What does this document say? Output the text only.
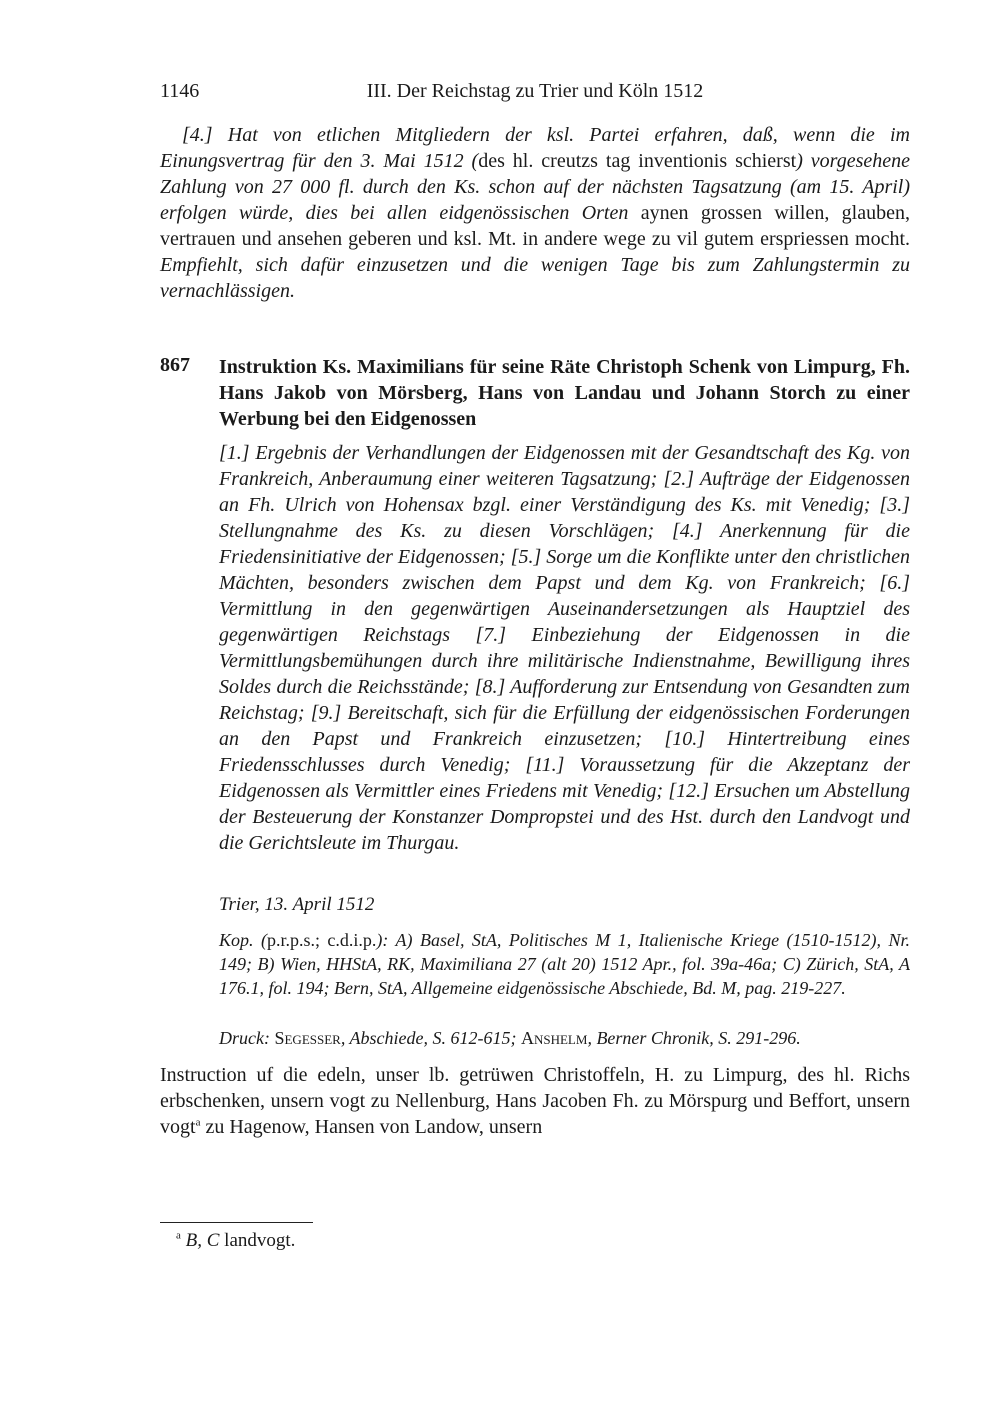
1146	III. Der Reichstag zu Trier und Köln 1512
[4.] Hat von etlichen Mitgliedern der ksl. Partei erfahren, daß, wenn die im Einungsvertrag für den 3. Mai 1512 (des hl. creutzs tag inventionis schierst) vorgesehene Zahlung von 27 000 fl. durch den Ks. schon auf der nächsten Tagsatzung (am 15. April) erfolgen würde, dies bei allen eidgenössischen Orten aynen grossen willen, glauben, vertrauen und ansehen geberen und ksl. Mt. in andere wege zu vil gutem erspriessen mocht. Empfiehlt, sich dafür einzusetzen und die wenigen Tage bis zum Zahlungstermin zu vernachlässigen.
867 Instruktion Ks. Maximilians für seine Räte Christoph Schenk von Limpurg, Fh. Hans Jakob von Mörsberg, Hans von Landau und Johann Storch zu einer Werbung bei den Eidgenossen
[1.] Ergebnis der Verhandlungen der Eidgenossen mit der Gesandtschaft des Kg. von Frankreich, Anberaumung einer weiteren Tagsatzung; [2.] Aufträge der Eidgenossen an Fh. Ulrich von Hohensax bzgl. einer Verständigung des Ks. mit Venedig; [3.] Stellungnahme des Ks. zu diesen Vorschlägen; [4.] Anerkennung für die Friedensinitiative der Eidgenossen; [5.] Sorge um die Konflikte unter den christlichen Mächten, besonders zwischen dem Papst und dem Kg. von Frankreich; [6.] Vermittlung in den gegenwärtigen Auseinandersetzungen als Hauptziel des gegenwärtigen Reichstags [7.] Einbeziehung der Eidgenossen in die Vermittlungsbemühungen durch ihre militärische Indienstnahme, Bewilligung ihres Soldes durch die Reichsstände; [8.] Aufforderung zur Entsendung von Gesandten zum Reichstag; [9.] Bereitschaft, sich für die Erfüllung der eidgenössischen Forderungen an den Papst und Frankreich einzusetzen; [10.] Hintertreibung eines Friedensschlusses durch Venedig; [11.] Voraussetzung für die Akzeptanz der Eidgenossen als Vermittler eines Friedens mit Venedig; [12.] Ersuchen um Abstellung der Besteuerung der Konstanzer Dompropstei und des Hst. durch den Landvogt und die Gerichtsleute im Thurgau.
Trier, 13. April 1512
Kop. (p.r.p.s.; c.d.i.p.): A) Basel, StA, Politisches M 1, Italienische Kriege (1510-1512), Nr. 149; B) Wien, HHStA, RK, Maximiliana 27 (alt 20) 1512 Apr., fol. 39a-46a; C) Zürich, StA, A 176.1, fol. 194; Bern, StA, Allgemeine eidgenössische Abschiede, Bd. M, pag. 219-227.
Druck: Segesser, Abschiede, S. 612-615; Anshelm, Berner Chronik, S. 291-296.
Instruction uf die edeln, unser lb. getrüwen Christoffeln, H. zu Limpurg, des hl. Richs erbschenken, unsern vogt zu Nellenburg, Hans Jacoben Fh. zu Mörspurg und Beffort, unsern vogt$^a$ zu Hagenow, Hansen von Landow, unsern
$^a$ B, C landvogt.
